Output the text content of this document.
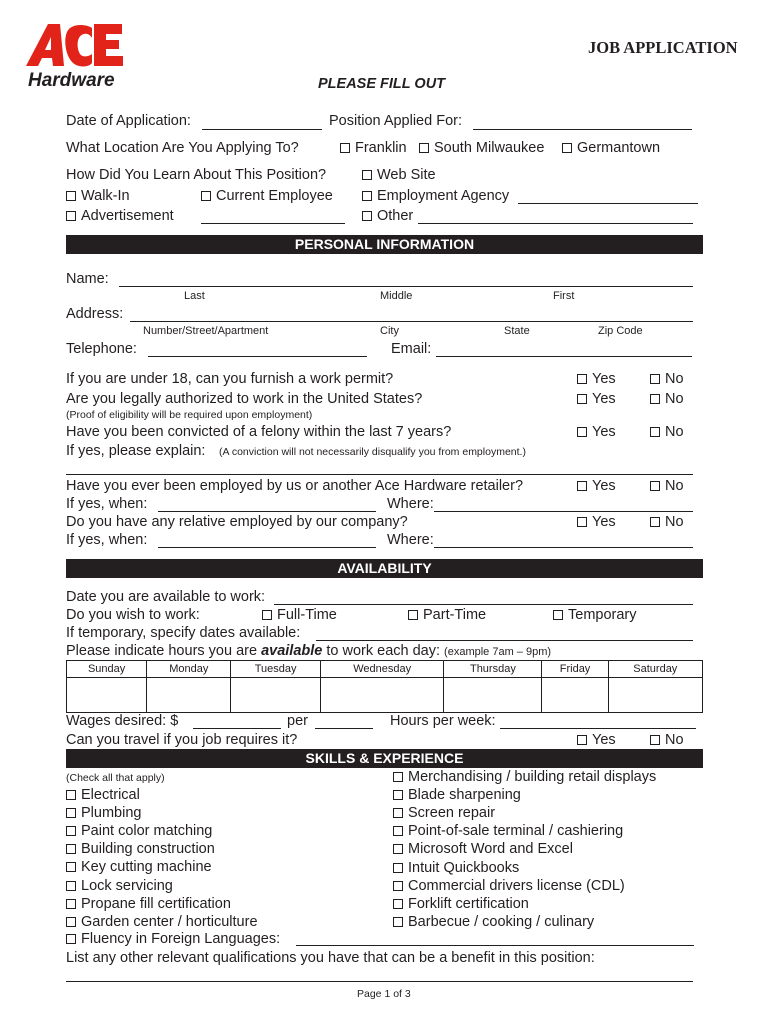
Hardware
JOB APPLICATION
PLEASE FILL OUT
Date of Application:	Position Applied For:
What Location Are You Applying To?	Franklin	South Milwaukee	Germantown
How Did You Learn About This Position?	Web Site
Walk-In	Current Employee	Employment Agency
Advertisement	Other
PERSONAL INFORMATION
Name:
Last	Middle	First
Address:
Number/Street/Apartment	City	State	Zip Code
Telephone:	Email:
If you are under 18, can you furnish a work permit?	Yes	No
Are you legally authorized to work in the United States?	Yes	No
(Proof of eligibility will be required upon employment)
Have you been convicted of a felony within the last 7 years?	Yes	No
If yes, please explain: (A conviction will not necessarily disqualify you from employment.)
Have you ever been employed by us or another Ace Hardware retailer?	Yes	No
If yes, when:	Where:
Do you have any relative employed by our company?	Yes	No
If yes, when:	Where:
AVAILABILITY
Date you are available to work:
Do you wish to work:	Full-Time	Part-Time	Temporary
If temporary, specify dates available:
Please indicate hours you are available to work each day: (example 7am – 9pm)
Sunday	Monday	Tuesday	Wednesday	Thursday	Friday	Saturday

Wages desired: $	per	Hours per week:
Can you travel if you job requires it?	Yes	No
SKILLS & EXPERIENCE
(Check all that apply)
Electrical
Plumbing
Paint color matching
Building construction
Key cutting machine
Lock servicing
Propane fill certification
Garden center / horticulture
Merchandising / building retail displays
Blade sharpening
Screen repair
Point-of-sale terminal / cashiering
Microsoft Word and Excel
Intuit Quickbooks
Commercial drivers license (CDL)
Forklift certification
Barbecue / cooking / culinary
Fluency in Foreign Languages:
List any other relevant qualifications you have that can be a benefit in this position:
Page 1 of 3
